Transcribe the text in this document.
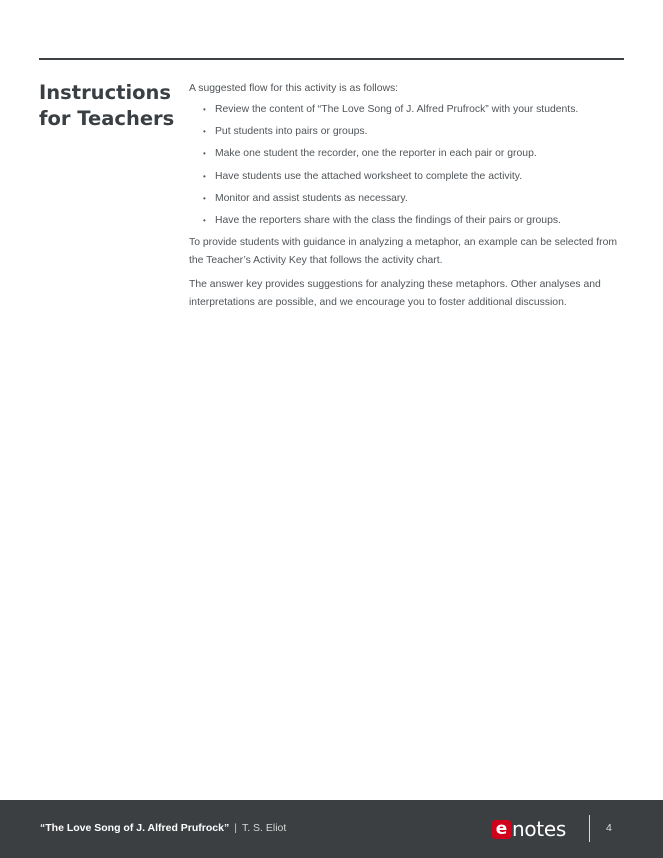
Instructions
for Teachers

A suggested flow for this activity is as follows:

• Review the content of “The Love Song of J. Alfred Prufrock” with your students.
• Put students into pairs or groups.
• Make one student the recorder, one the reporter in each pair or group.
• Have students use the attached worksheet to complete the activity.
• Monitor and assist students as necessary.
• Have the reporters share with the class the findings of their pairs or groups.

To provide students with guidance in analyzing a metaphor, an example can be selected from the Teacher’s Activity Key that follows the activity chart.

The answer key provides suggestions for analyzing these metaphors. Other analyses and interpretations are possible, and we encourage you to foster additional discussion.

“The Love Song of J. Alfred Prufrock” | T. S. Eliot	e notes	4
